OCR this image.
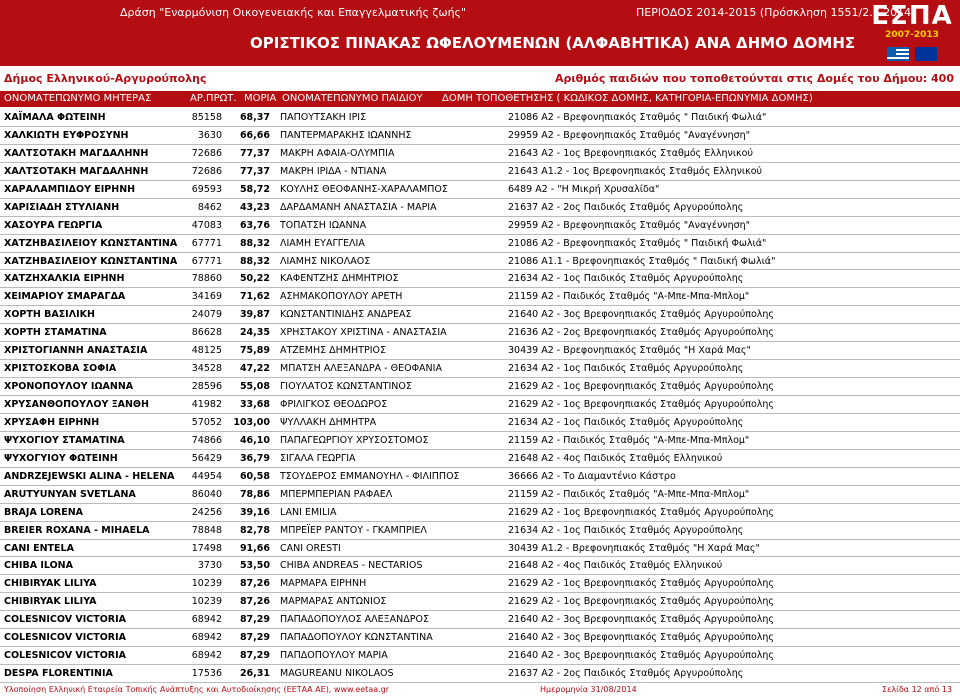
Δράση "Εναρμόνιση Οικογενειακής και Επαγγελματικής ζωής"	ΠΕΡΙΟΔΟΣ 2014-2015 (Πρόσκληση 1551/2.7.2014)
ΟΡΙΣΤΙΚΟΣ ΠΙΝΑΚΑΣ ΩΦΕΛΟΥΜΕΝΩΝ (ΑΛΦΑΒΗΤΙΚΑ) ΑΝΑ ΔΗΜΟ ΔΟΜΗΣ
ΕΣΠΑ
2007-2013
Δήμος Ελληνικού-Αργυρούπολης	Αριθμός παιδιών που τοποθετούνται στις Δομές του Δήμου: 400
ΟΝΟΜΑΤΕΠΩΝΥΜΟ ΜΗΤΕΡΑΣ	ΑΡ.ΠΡΩΤ. ΜΟΡΙΑ ΟΝΟΜΑΤΕΠΩΝΥΜΟ ΠΑΙΔΙΟΥ ΔΟΜΗ ΤΟΠΟΘΕΤΗΣΗΣ ( ΚΩΔΙΚΟΣ ΔΟΜΗΣ, ΚΑΤΗΓΟΡΙΑ-ΕΠΩΝΥΜΙΑ ΔΟΜΗΣ)
ΧΑΪΜΑΛΑ ΦΩΤΕΙΝΗ	85158	68,37 ΠΑΠΟΥΤΣΑΚΗ ΙΡΙΣ	21086 Α2 - Βρεφονηπιακός Σταθμός " Παιδική Φωλιά"
ΧΑΛΚΙΩΤΗ ΕΥΦΡΟΣΥΝΗ	3630	66,66 ΠΑΝΤΕΡΜΑΡΑΚΗΣ ΙΩΑΝΝΗΣ	29959 Α2 - Βρεφονηπιακός Σταθμός "Αναγέννηση"
ΧΑΛΤΣΟΤΑΚΗ ΜΑΓΔΑΛΗΝΗ	72686	77,37 ΜΑΚΡΗ ΑΦΑΙΑ-ΟΛΥΜΠΙΑ	21643 Α2 - 1ος Βρεφονηπιακός Σταθμός Ελληνικού
ΧΑΛΤΣΟΤΑΚΗ ΜΑΓΔΑΛΗΝΗ	72686	77,37 ΜΑΚΡΗ ΙΡΙΔΑ - ΝΤΙΑΝΑ	21643 Α1.2 - 1ος Βρεφονηπιακός Σταθμός Ελληνικού
ΧΑΡΑΛΑΜΠΙΔΟΥ ΕΙΡΗΝΗ	69593	58,72 ΚΟΥΛΗΣ ΘΕΟΦΑΝΗΣ-ΧΑΡΑΛΑΜΠΟΣ	6489 Α2 - "Η Μικρή Χρυσαλίδα"
ΧΑΡΙΣΙΑΔΗ ΣΤΥΛΙΑΝΗ	8462	43,23 ΔΑΡΔΑΜΑΝΗ ΑΝΑΣΤΑΣΙΑ - ΜΑΡΙΑ	21637 Α2 - 2ος Παιδικός Σταθμός Αργυρούπολης
ΧΑΣΟΥΡΑ ΓΕΩΡΓΙΑ	47083	63,76 ΤΟΠΑΤΣΗ ΙΩΑΝΝΑ	29959 Α2 - Βρεφονηπιακός Σταθμός "Αναγέννηση"
ΧΑΤΖΗΒΑΣΙΛΕΙΟΥ ΚΩΝΣΤΑΝΤΙΝΑ	67771	88,32 ΛΙΑΜΗ ΕΥΑΓΓΕΛΙΑ	21086 Α2 - Βρεφονηπιακός Σταθμός " Παιδική Φωλιά"
ΧΑΤΖΗΒΑΣΙΛΕΙΟΥ ΚΩΝΣΤΑΝΤΙΝΑ	67771	88,32 ΛΙΑΜΗΣ ΝΙΚΟΛΑΟΣ	21086 Α1.1 - Βρεφονηπιακός Σταθμός " Παιδική Φωλιά"
ΧΑΤΖΗΧΑΛΚΙΑ ΕΙΡΗΝΗ	78860	50,22 ΚΑΦΕΝΤΖΗΣ ΔΗΜΗΤΡΙΟΣ	21634 Α2 - 1ος Παιδικός Σταθμός Αργυρούπολης
ΧΕΙΜΑΡΙΟΥ ΣΜΑΡΑΓΔΑ	34169	71,62 ΑΣΗΜΑΚΟΠΟΥΛΟΥ ΑΡΕΤΗ	21159 Α2 - Παιδικός Σταθμός "Α-Μπε-Μπα-Μπλομ"
ΧΟΡΤΗ ΒΑΣΙΛΙΚΗ	24079	39,87 ΚΩΝΣΤΑΝΤΙΝΙΔΗΣ ΑΝΔΡΕΑΣ	21640 Α2 - 3ος Βρεφονηπιακός Σταθμός Αργυρούπολης
ΧΟΡΤΗ ΣΤΑΜΑΤΙΝΑ	86628	24,35 ΧΡΗΣΤΑΚΟΥ ΧΡΙΣΤΙΝΑ - ΑΝΑΣΤΑΣΙΑ	21636 Α2 - 2ος Βρεφονηπιακός Σταθμός Αργυρούπολης
ΧΡΙΣΤΟΓΙΑΝΝΗ ΑΝΑΣΤΑΣΙΑ	48125	75,89 ΑΤΖΕΜΗΣ ΔΗΜΗΤΡΙΟΣ	30439 Α2 - Βρεφονηπιακός Σταθμός "Η Χαρά Μας"
ΧΡΙΣΤΟΣΚΟΒΑ ΣΟΦΙΑ	34528	47,22 ΜΠΑΤΣΗ ΑΛΕΞΑΝΔΡΑ - ΘΕΟΦΑΝΙΑ	21634 Α2 - 1ος Παιδικός Σταθμός Αργυρούπολης
ΧΡΟΝΟΠΟΥΛΟΥ ΙΩΑΝΝΑ	28596	55,08 ΓΙΟΥΛΑΤΟΣ ΚΩΝΣΤΑΝΤΙΝΟΣ	21629 Α2 - 1ος Βρεφονηπιακός Σταθμός Αργυρούπολης
ΧΡΥΣΑΝΘΟΠΟΥΛΟΥ ΞΑΝΘΗ	41982	33,68 ΦΡΙΛΙΓΚΟΣ ΘΕΟΔΩΡΟΣ	21629 Α2 - 1ος Βρεφονηπιακός Σταθμός Αργυρούπολης
ΧΡΥΣΑΦΗ ΕΙΡΗΝΗ	57052	103,00 ΨΥΛΛΑΚΗ ΔΗΜΗΤΡΑ	21634 Α2 - 1ος Παιδικός Σταθμός Αργυρούπολης
ΨΥΧΟΓΙΟΥ ΣΤΑΜΑΤΙΝΑ	74866	46,10 ΠΑΠΑΓΕΩΡΓΙΟΥ ΧΡΥΣΟΣΤΟΜΟΣ	21159 Α2 - Παιδικός Σταθμός "Α-Μπε-Μπα-Μπλομ"
ΨΥΧΟΓΥΙΟΥ ΦΩΤΕΙΝΗ	56429	36,79 ΣΙΓΑΛΑ ΓΕΩΡΓΙΑ	21648 Α2 - 4ος Παιδικός Σταθμός Ελληνικού
ANDRZEJEWSKI ALINA - HELENA	44954	60,58 ΤΣΟΥΔΕΡΟΣ ΕΜΜΑΝΟΥΗΛ - ΦΙΛΙΠΠΟΣ	36666 Α2 - Το Διαμαντένιο Κάστρο
ARUTYUNYAN SVETLANA	86040	78,86 ΜΠΕΡΜΠΕΡΙΑΝ ΡΑΦΑΕΛ	21159 Α2 - Παιδικός Σταθμός "Α-Μπε-Μπα-Μπλομ"
BRAJA LORENA	24256	39,16 LANI EMILIA	21629 Α2 - 1ος Βρεφονηπιακός Σταθμός Αργυρούπολης
BREIER ROXANA - MIHAELA	78848	82,78 ΜΠΡΕΪΕΡ ΡΑΝΤΟΥ - ΓΚΑΜΠΡΙΕΛ	21634 Α2 - 1ος Παιδικός Σταθμός Αργυρούπολης
CANI ENTELA	17498	91,66 CANI ORESTI	30439 Α1.2 - Βρεφονηπιακός Σταθμός "Η Χαρά Μας"
CHIBA ILONA	3730	53,50 CHIBA ANDREAS - NECTARIOS	21648 Α2 - 4ος Παιδικός Σταθμός Ελληνικού
CHIBIRYAK LILIYA	10239	87,26 ΜΑΡΜΑΡΑ ΕΙΡΗΝΗ	21629 Α2 - 1ος Βρεφονηπιακός Σταθμός Αργυρούπολης
CHIBIRYAK LILIYA	10239	87,26 ΜΑΡΜΑΡΑΣ ΑΝΤΩΝΙΟΣ	21629 Α2 - 1ος Βρεφονηπιακός Σταθμός Αργυρούπολης
COLESNICOV VICTORIA	68942	87,29 ΠΑΠΑΔΟΠΟΥΛΟΣ ΑΛΕΞΑΝΔΡΟΣ	21640 Α2 - 3ος Βρεφονηπιακός Σταθμός Αργυρούπολης
COLESNICOV VICTORIA	68942	87,29 ΠΑΠΑΔΟΠΟΥΛΟΥ ΚΩΝΣΤΑΝΤΙΝΑ	21640 Α2 - 3ος Βρεφονηπιακός Σταθμός Αργυρούπολης
COLESNICOV VICTORIA	68942	87,29 ΠΑΠΔΟΠΟΥΛΟΥ ΜΑΡΙΑ	21640 Α2 - 3ος Βρεφονηπιακός Σταθμός Αργυρούπολης
DESPA FLORENTINIA	17536	26,31 MAGUREANU NIKOLAOS	21637 Α2 - 2ος Παιδικός Σταθμός Αργυρούπολης
Υλοποίηση Ελληνική Εταιρεία Τοπικής Ανάπτυξης και Αυτοδιοίκησης (ΕΕΤΑΑ ΑΕ), www.eetaa.gr	Ημερομηνία 31/08/2014	Σελίδα 12 από 13
